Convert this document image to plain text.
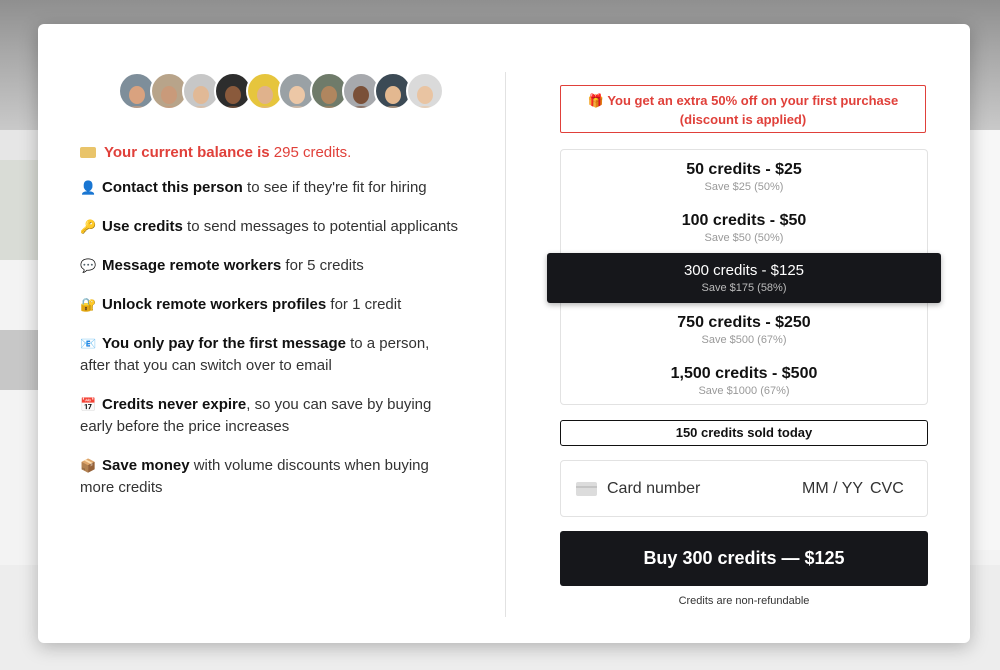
Your current balance is 295 credits.
👤 Contact this person to see if they're fit for hiring
🔑 Use credits to send messages to potential applicants
💬 Message remote workers for 5 credits
🔐 Unlock remote workers profiles for 1 credit
📧 You only pay for the first message to a person, after that you can switch over to email
📅 Credits never expire, so you can save by buying early before the price increases
📦 Save money with volume discounts when buying more credits
🎁 You get an extra 50% off on your first purchase
(discount is applied)
50 credits - $25
Save $25 (50%)
100 credits - $50
Save $50 (50%)
300 credits - $125
Save $175 (58%)
750 credits - $250
Save $500 (67%)
1,500 credits - $500
Save $1000 (67%)
150 credits sold today
Card number	MM / YY CVC
Buy 300 credits — $125
Credits are non-refundable
